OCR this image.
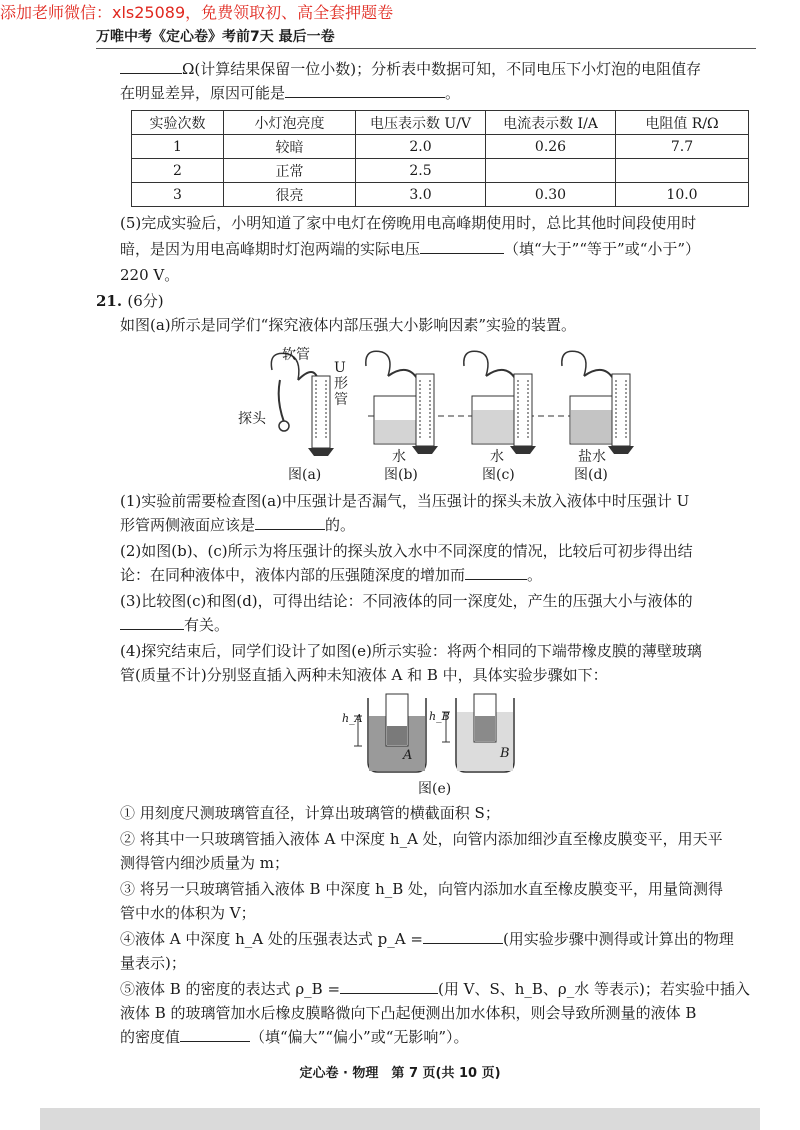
添加老师微信：xls25089，免费领取初、高全套押题卷
万唯中考《定心卷》考前7天 最后一卷
Ω(计算结果保留一位小数)；分析表中数据可知，不同电压下小灯泡的电阻值存
在明显差异，原因可能是	。
实验次数	小灯泡亮度	电压表示数 U/V	电流表示数 I/A	电阻值 R/Ω
1	较暗	2.0	0.26	7.7
2	正常	2.5		
3	很亮	3.0	0.30	10.0
(5)完成实验后，小明知道了家中电灯在傍晚用电高峰期使用时，总比其他时间段使用时
暗，是因为用电高峰期时灯泡两端的实际电压	（填“大于”“等于”或“小于”）
220 V。
21. (6分)
如图(a)所示是同学们“探究液体内部压强大小影响因素”实验的装置。
软管
U形管
探头
水	水	盐水
图(a)	图(b)	图(c)	图(d)
(1)实验前需要检查图(a)中压强计是否漏气，当压强计的探头未放入液体中时压强计 U
形管两侧液面应该是	的。
(2)如图(b)、(c)所示为将压强计的探头放入水中不同深度的情况，比较后可初步得出结
论：在同种液体中，液体内部的压强随深度的增加而	。
(3)比较图(c)和图(d)，可得出结论：不同液体的同一深度处，产生的压强大小与液体的
有关。
(4)探究结束后，同学们设计了如图(e)所示实验：将两个相同的下端带橡皮膜的薄壁玻璃
管(质量不计)分别竖直插入两种未知液体 A 和 B 中，具体实验步骤如下：
h_A	h_B
A	B
图(e)
① 用刻度尺测玻璃管直径，计算出玻璃管的横截面积 S；
② 将其中一只玻璃管插入液体 A 中深度 h_A 处，向管内添加细沙直至橡皮膜变平，用天平
测得管内细沙质量为 m；
③ 将另一只玻璃管插入液体 B 中深度 h_B 处，向管内添加水直至橡皮膜变平，用量筒测得
管中水的体积为 V；
④液体 A 中深度 h_A 处的压强表达式 p_A =	(用实验步骤中测得或计算出的物理
量表示)；
⑤液体 B 的密度的表达式 ρ_B =	(用 V、S、h_B、ρ_水 等表示)；若实验中插入
液体 B 的玻璃管加水后橡皮膜略微向下凸起便测出加水体积，则会导致所测量的液体 B
的密度值	（填“偏大”“偏小”或“无影响”）。
定心卷 · 物理　第 7 页(共 10 页)
